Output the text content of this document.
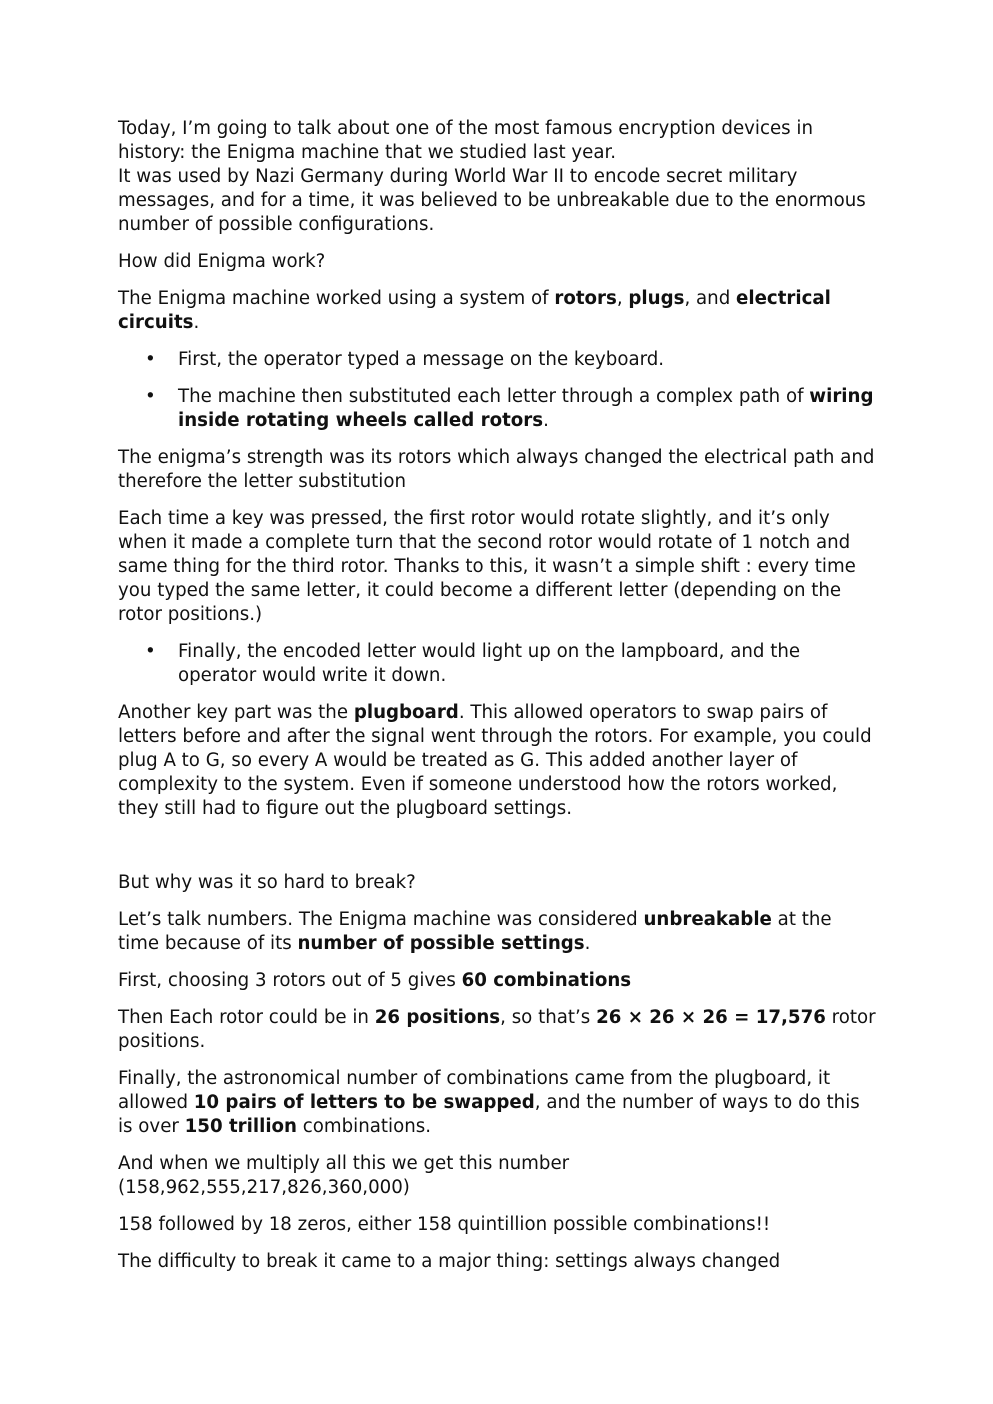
Today, I’m going to talk about one of the most famous encryption devices in history: the Enigma machine that we studied last year.
It was used by Nazi Germany during World War II to encode secret military messages, and for a time, it was believed to be unbreakable due to the enormous number of possible configurations.

How did Enigma work?

The Enigma machine worked using a system of rotors, plugs, and electrical circuits.

• First, the operator typed a message on the keyboard.
• The machine then substituted each letter through a complex path of wiring inside rotating wheels called rotors.

The enigma’s strength was its rotors which always changed the electrical path and therefore the letter substitution

Each time a key was pressed, the first rotor would rotate slightly, and it’s only when it made a complete turn that the second rotor would rotate of 1 notch and same thing for the third rotor. Thanks to this, it wasn’t a simple shift : every time you typed the same letter, it could become a different letter (depending on the rotor positions.)

• Finally, the encoded letter would light up on the lampboard, and the operator would write it down.

Another key part was the plugboard. This allowed operators to swap pairs of letters before and after the signal went through the rotors. For example, you could plug A to G, so every A would be treated as G. This added another layer of complexity to the system. Even if someone understood how the rotors worked, they still had to figure out the plugboard settings.

But why was it so hard to break?

Let’s talk numbers. The Enigma machine was considered unbreakable at the time because of its number of possible settings.

First, choosing 3 rotors out of 5 gives 60 combinations

Then Each rotor could be in 26 positions, so that’s 26 × 26 × 26 = 17,576 rotor positions.

Finally, the astronomical number of combinations came from the plugboard, it allowed 10 pairs of letters to be swapped, and the number of ways to do this is over 150 trillion combinations.

And when we multiply all this we get this number
(158,962,555,217,826,360,000)

158 followed by 18 zeros, either 158 quintillion possible combinations!!

The difficulty to break it came to a major thing: settings always changed
